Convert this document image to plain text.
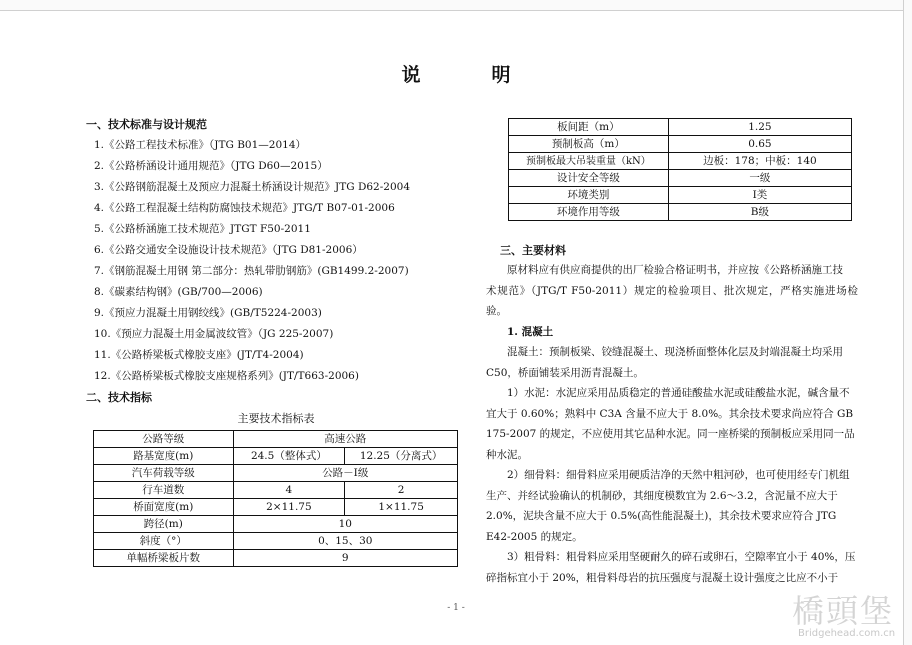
说　明
一、技术标准与设计规范
1.《公路工程技术标准》（JTG B01—2014）
2.《公路桥涵设计通用规范》（JTG D60—2015）
3.《公路钢筋混凝土及预应力混凝土桥涵设计规范》JTG D62-2004
4.《公路工程混凝土结构防腐蚀技术规范》JTG/T B07-01-2006
5.《公路桥涵施工技术规范》JTGT F50-2011
6.《公路交通安全设施设计技术规范》（JTG D81-2006）
7.《钢筋混凝土用钢 第二部分：热轧带肋钢筋》(GB1499.2-2007)
8.《碳素结构钢》(GB/700—2006)
9.《预应力混凝土用钢绞线》(GB/T5224-2003)
10.《预应力混凝土用金属波纹管》（JG 225-2007)
11.《公路桥梁板式橡胶支座》(JT/T4-2004)
12.《公路桥梁板式橡胶支座规格系列》(JT/T663-2006)
二、技术指标
主要技术指标表
公路等级	高速公路	
路基宽度(m)	24.5（整体式）	12.25（分离式）
汽车荷载等级	公路－Ⅰ级	
行车道数	4	2
桥面宽度(m)	2×11.75	1×11.75
跨径(m)	10	
斜度（°）	0、15、30	
单幅桥梁板片数	9	
板间距（m）	1.25
预制板高（m）	0.65
预制板最大吊装重量（kN）	边板：178；中板：140
设计安全等级	一级
环境类别	Ⅰ类
环境作用等级	B级
三、主要材料

原材料应有供应商提供的出厂检验合格证明书，并应按《公路桥涵施工技

术规范》（JTG/T F50-2011）规定的检验项目、批次规定，严格实施进场检验。

1. 混凝土

混凝土：预制板梁、铰缝混凝土、现浇桥面整体化层及封端混凝土均采用

C50，桥面铺装采用沥青混凝土。

1）水泥：水泥应采用品质稳定的普通硅酸盐水泥或硅酸盐水泥，碱含量不

宜大于 0.60%；熟料中 C3A 含量不应大于 8.0%。其余技术要求尚应符合 GB

175-2007 的规定，不应使用其它品种水泥。同一座桥梁的预制板应采用同一品

种水泥。

2）细骨料：细骨料应采用硬质洁净的天然中粗河砂，也可使用经专门机组

生产、并经试验确认的机制砂，其细度模数宜为 2.6～3.2，含泥量不应大于

2.0%，泥块含量不应大于 0.5%(高性能混凝土)，其余技术要求应符合 JTG

E42-2005 的规定。

3）粗骨料：粗骨料应采用坚硬耐久的碎石或卵石，空隙率宜小于 40%，压

碎指标宜小于 20%，粗骨料母岩的抗压强度与混凝土设计强度之比应不小于

- 1 -	橋頭堡
Bridgehead.com.cn
